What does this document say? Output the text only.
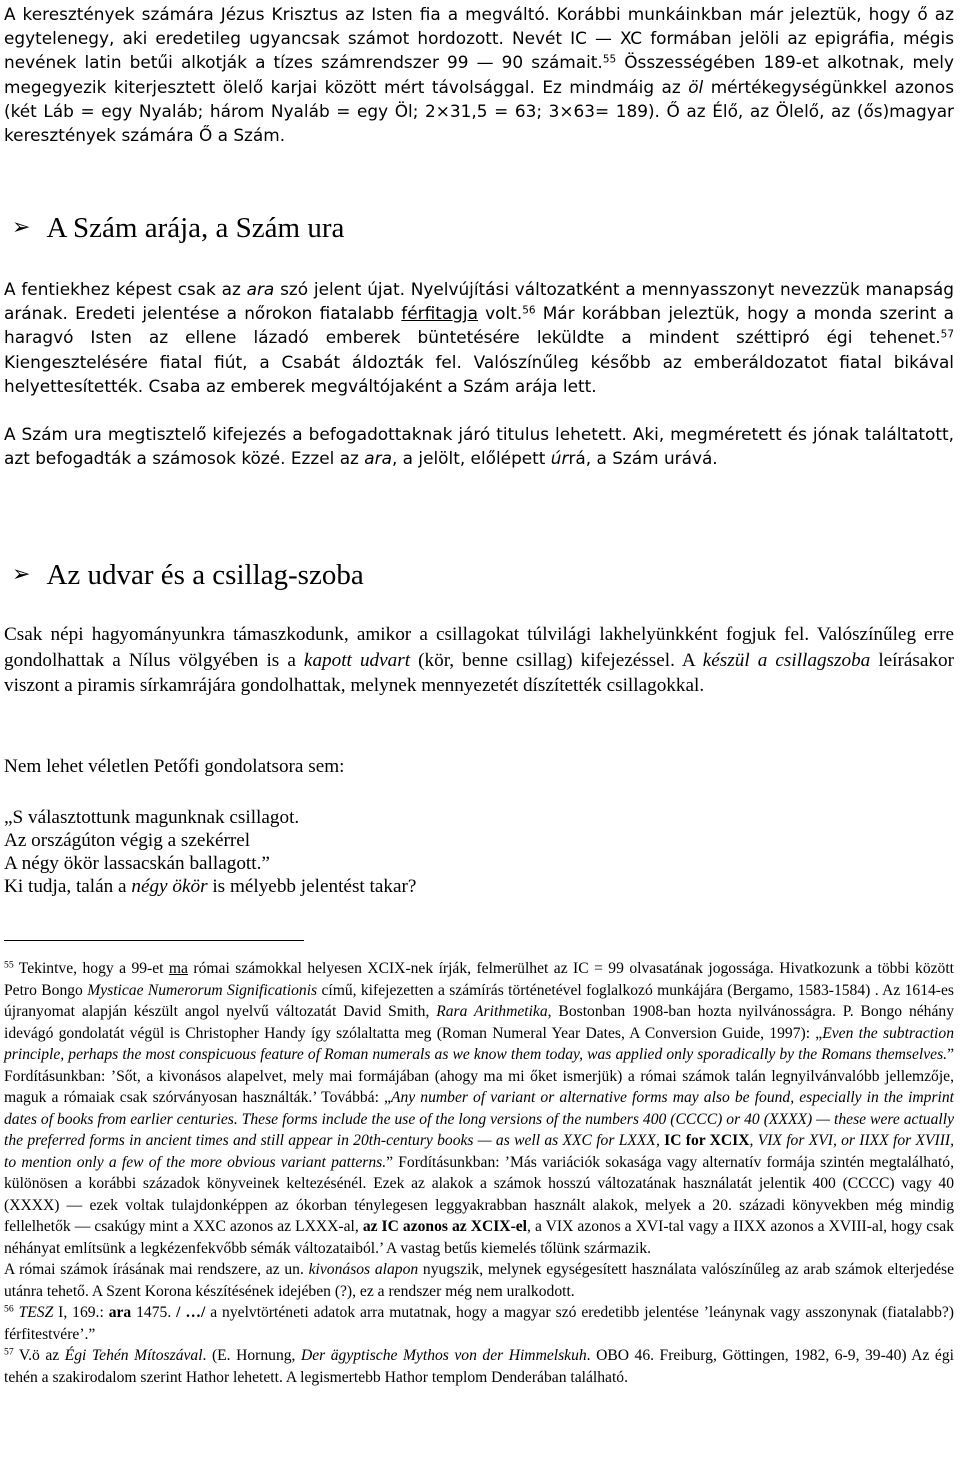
A keresztények számára Jézus Krisztus az Isten fia a megváltó. Korábbi munkáinkban már jeleztük, hogy ő az egytelenegy, aki eredetileg ugyancsak számot hordozott. Nevét IC — XC formában jelöli az epigráfia, mégis nevének latin betűi alkotják a tízes számrendszer 99 — 90 számait.$^{55}$ Összességében 189-et alkotnak, mely megegyezik kiterjesztett ölelő karjai között mért távolsággal. Ez mindmáig az öl mértékegységünkkel azonos (két Láb = egy Nyaláb; három Nyaláb = egy Öl; 2×31,5 = 63; 3×63= 189). Ő az Élő, az Ölelő, az (ős)magyar keresztények számára Ő a Szám.

➢ A Szám arája, a Szám ura

A fentiekhez képest csak az ara szó jelent újat. Nyelvújítási változatként a mennyasszonyt nevezzük manapság arának. Eredeti jelentése a nőrokon fiatalabb férfitagja volt.$^{56}$ Már korábban jeleztük, hogy a monda szerint a haragvó Isten az ellene lázadó emberek büntetésére leküldte a mindent széttipró égi tehenet.$^{57}$ Kiengesztelésére fiatal fiút, a Csabát áldozták fel. Valószínűleg később az emberáldozatot fiatal bikával helyettesítették. Csaba az emberek megváltójaként a Szám arája lett.

A Szám ura megtisztelő kifejezés a befogadottaknak járó titulus lehetett. Aki, megméretett és jónak találtatott, azt befogadták a számosok közé. Ezzel az ara, a jelölt, előlépett úrrá, a Szám urává.

➢ Az udvar és a csillag-szoba

Csak népi hagyományunkra támaszkodunk, amikor a csillagokat túlvilági lakhelyünkként fogjuk fel. Valószínűleg erre gondolhattak a Nílus völgyében is a kapott udvart (kör, benne csillag) kifejezéssel. A készül a csillagszoba leírásakor viszont a piramis sírkamrájára gondolhattak, melynek mennyezetét díszítették csillagokkal.

Nem lehet véletlen Petőfi gondolatsora sem:

„S választottunk magunknak csillagot.

Az országúton végig a szekérrel

A négy ökör lassacskán ballagott.”

Ki tudja, talán a négy ökör is mélyebb jelentést takar?

$^{55}$ Tekintve, hogy a 99-et ma római számokkal helyesen XCIX-nek írják, felmerülhet az IC = 99 olvasatának jogossága. Hivatkozunk a többi között Petro Bongo Mysticae Numerorum Significationis című, kifejezetten a számírás történetével foglalkozó munkájára (Bergamo, 1583-1584) . Az 1614-es újranyomat alapján készült angol nyelvű változatát David Smith, Rara Arithmetika, Bostonban 1908-ban hozta nyilvánosságra. P. Bongo néhány idevágó gondolatát végül is Christopher Handy így szólaltatta meg (Roman Numeral Year Dates, A Conversion Guide, 1997): „Even the subtraction principle, perhaps the most conspicuous feature of Roman numerals as we know them today, was applied only sporadically by the Romans themselves.” Fordításunkban: ’Sőt, a kivonásos alapelvet, mely mai formájában (ahogy ma mi őket ismerjük) a római számok talán legnyilvánvalóbb jellemzője, maguk a rómaiak csak szórványosan használták.’ Továbbá: „Any number of variant or alternative forms may also be found, especially in the imprint dates of books from earlier centuries. These forms include the use of the long versions of the numbers 400 (CCCC) or 40 (XXXX) — these were actually the preferred forms in ancient times and still appear in 20th-century books — as well as XXC for LXXX, IC for XCIX, VIX for XVI, or IIXX for XVIII, to mention only a few of the more obvious variant patterns.” Fordításunkban: ’Más variációk sokasága vagy alternatív formája szintén megtalálható, különösen a korábbi századok könyveinek keltezésénél. Ezek az alakok a számok hosszú változatának használatát jelentik 400 (CCCC) vagy 40 (XXXX) — ezek voltak tulajdonképpen az ókorban ténylegesen leggyakrabban használt alakok, melyek a 20. századi könyvekben még mindig fellelhetők — csakúgy mint a XXC azonos az LXXX-al, az IC azonos az XCIX-el, a VIX azonos a XVI-tal vagy a IIXX azonos a XVIII-al, hogy csak néhányat említsünk a legkézenfekvőbb sémák változataiból.’ A vastag betűs kiemelés tőlünk származik.

A római számok írásának mai rendszere, az un. kivonásos alapon nyugszik, melynek egységesített használata valószínűleg az arab számok elterjedése utánra tehető. A Szent Korona készítésének idejében (?), ez a rendszer még nem uralkodott.

$^{56}$ TESZ I, 169.: ara 1475. / …/ a nyelvtörténeti adatok arra mutatnak, hogy a magyar szó eredetibb jelentése ’leánynak vagy asszonynak (fiatalabb?) férfitestvére’.”

$^{57}$ V.ö az Égi Tehén Mítoszával. (E. Hornung, Der ägyptische Mythos von der Himmelskuh. OBO 46. Freiburg, Göttingen, 1982, 6-9, 39-40) Az égi tehén a szakirodalom szerint Hathor lehetett. A legismertebb Hathor templom Denderában található.
